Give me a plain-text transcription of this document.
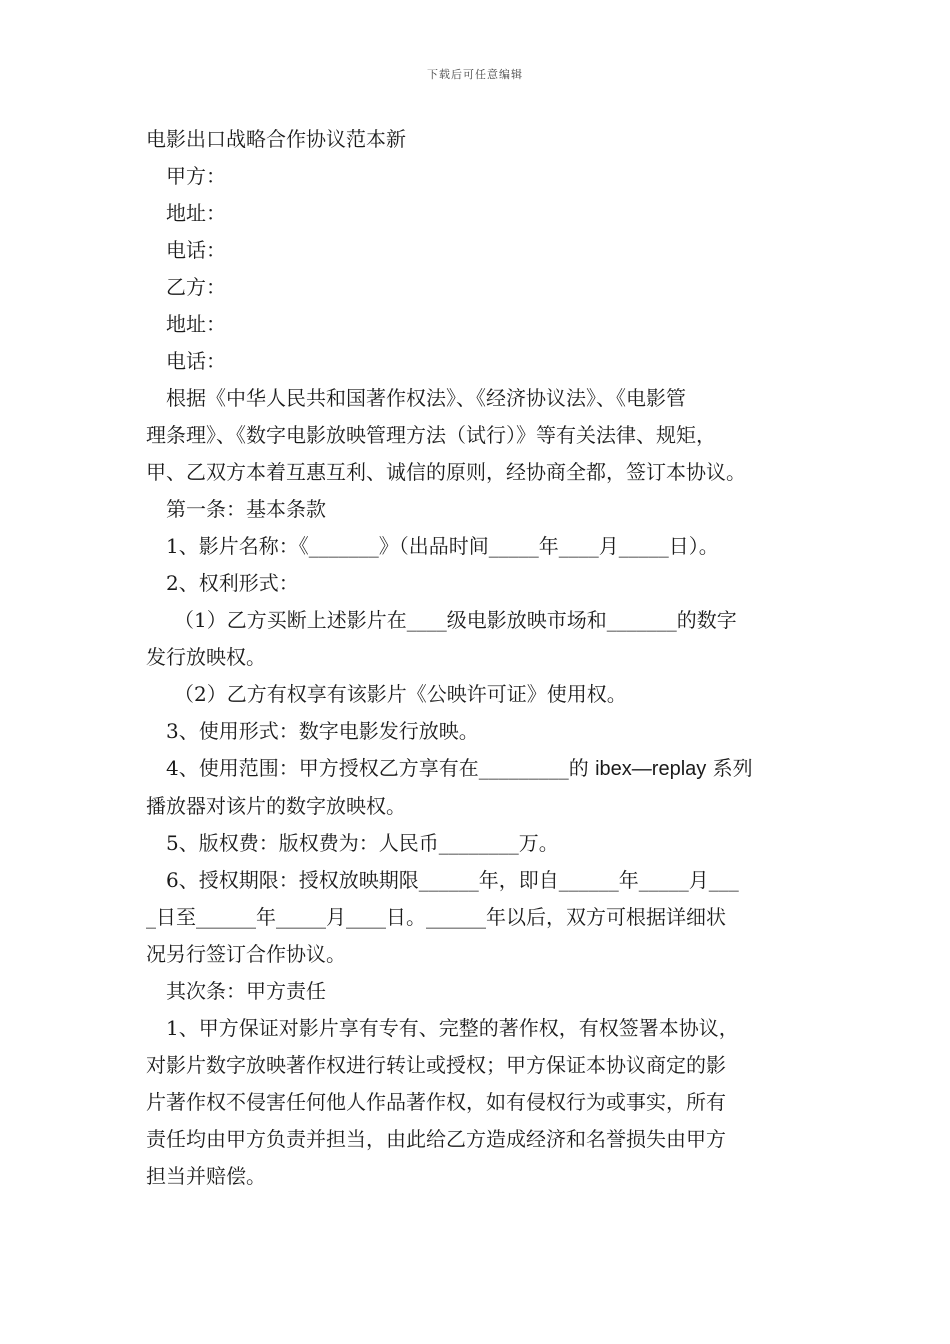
下载后可任意编辑
电影出口战略合作协议范本新
甲方：
地址：
电话：
乙方：
地址：
电话：
根据《中华人民共和国著作权法》、《经济协议法》、《电影管
理条理》、《数字电影放映管理方法（试行）》等有关法律、规矩，
甲、乙双方本着互惠互利、诚信的原则，经协商全都，签订本协议。
第一条：基本条款
1、影片名称：《_______》（出品时间_____年____月_____日）。
2、权利形式：
（1）乙方买断上述影片在____级电影放映市场和_______的数字
发行放映权。
（2）乙方有权享有该影片《公映许可证》使用权。
3、使用形式：数字电影发行放映。
4、使用范围：甲方授权乙方享有在_________的 ibex—replay 系列
播放器对该片的数字放映权。
5、版权费：版权费为：人民币________万。
6、授权期限：授权放映期限______年，即自______年_____月___
_日至______年_____月____日。______年以后，双方可根据详细状
况另行签订合作协议。
其次条：甲方责任
1、甲方保证对影片享有专有、完整的著作权，有权签署本协议，
对影片数字放映著作权进行转让或授权；甲方保证本协议商定的影
片著作权不侵害任何他人作品著作权，如有侵权行为或事实，所有
责任均由甲方负责并担当，由此给乙方造成经济和名誉损失由甲方
担当并赔偿。
